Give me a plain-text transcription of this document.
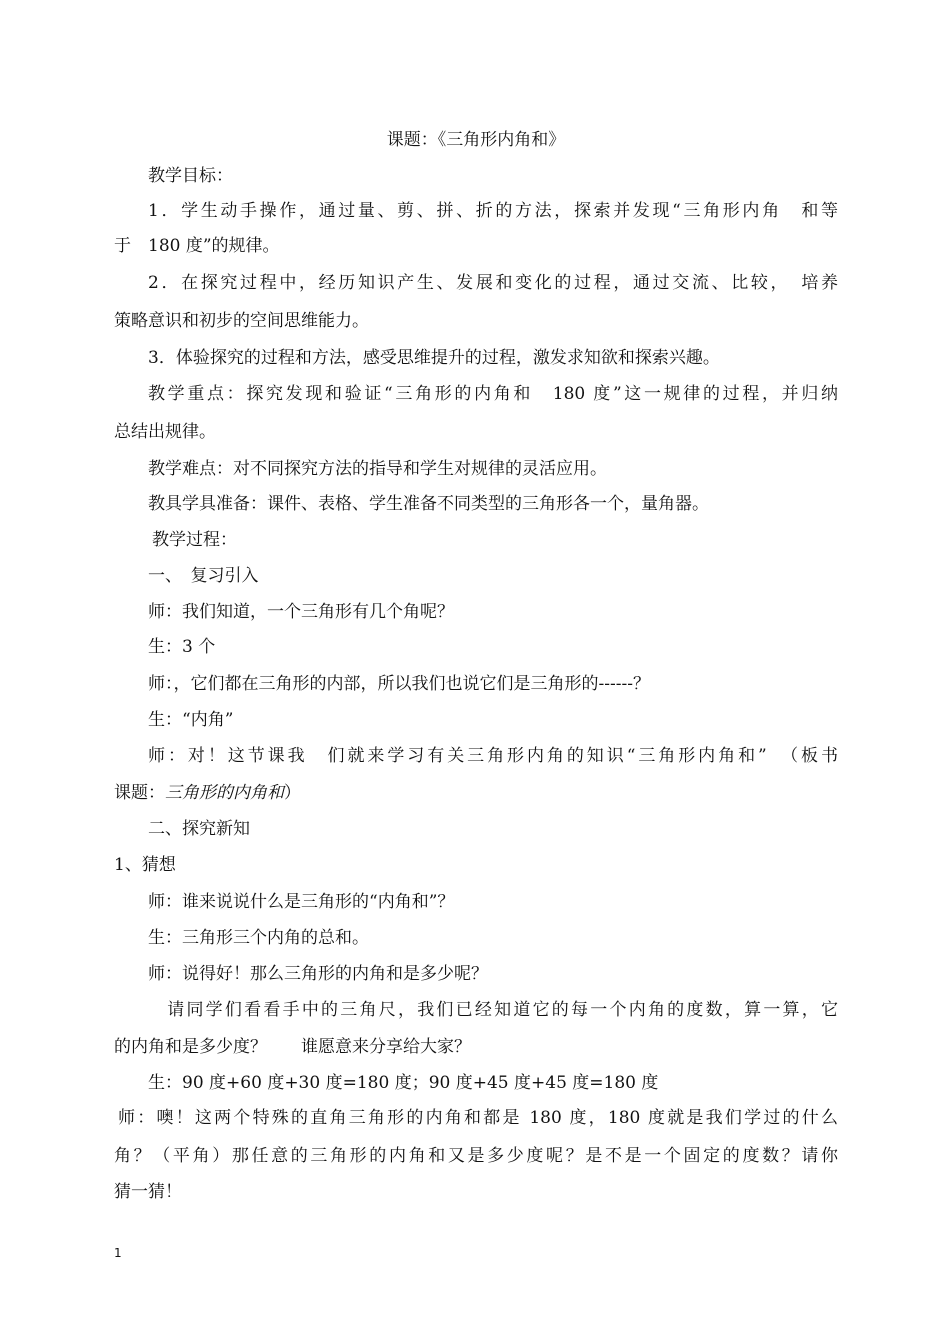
课题：《三角形内角和》
教学目标：
1．学生动手操作，通过量、剪、拼、折的方法，探索并发现“三角形内角　和等
于　180 度”的规律。
2．在探究过程中，经历知识产生、发展和变化的过程，通过交流、比较，　培养
策略意识和初步的空间思维能力。
3．体验探究的过程和方法，感受思维提升的过程，激发求知欲和探索兴趣。
教学重点：探究发现和验证“三角形的内角和　180 度”这一规律的过程，并归纳
总结出规律。
教学难点：对不同探究方法的指导和学生对规律的灵活应用。
教具学具准备：课件、表格、学生准备不同类型的三角形各一个，量角器。
教学过程：
一、　复习引入
师：我们知道，一个三角形有几个角呢？
生：3 个
师：，它们都在三角形的内部，所以我们也说它们是三角形的------？
生：“内角”
师：对！这节课我　们就来学习有关三角形内角的知识“三角形内角和”　（板书
课题：三角形的内角和）
二、探究新知
1、猜想
师：谁来说说什么是三角形的“内角和”？
生：三角形三个内角的总和。
师：说得好！那么三角形的内角和是多少呢？
　请同学们看看手中的三角尺，我们已经知道它的每一个内角的度数，算一算，它
的内角和是多少度？　　谁愿意来分享给大家？
生：90 度+60 度+30 度=180 度；90 度+45 度+45 度=180 度
师：噢！这两个特殊的直角三角形的内角和都是 180 度，180 度就是我们学过的什么
角？（平角）那任意的三角形的内角和又是多少度呢？是不是一个固定的度数？请你
猜一猜！
1
